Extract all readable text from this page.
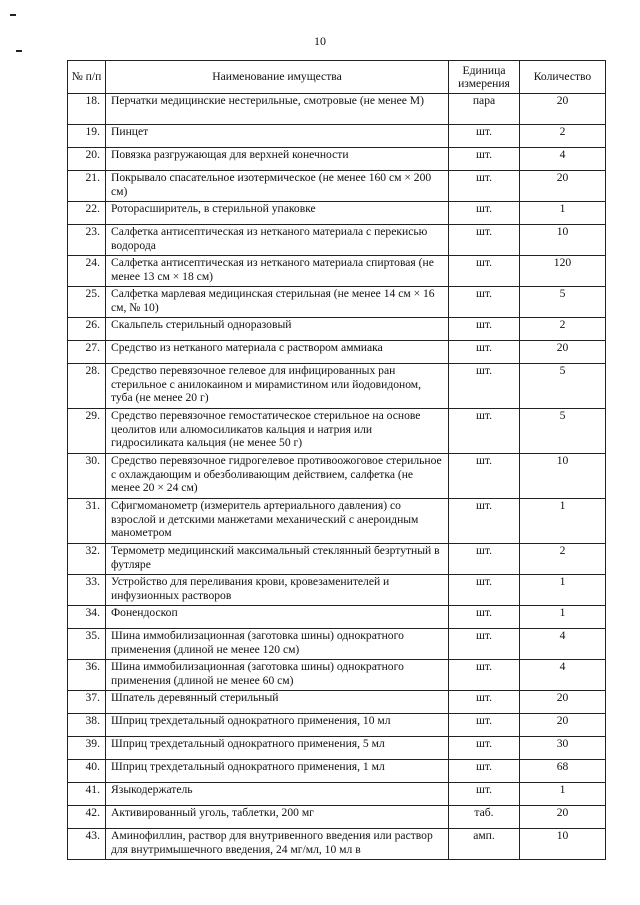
10
№ п/п	Наименование имущества	Единица измерения	Количество
18.	Перчатки медицинские нестерильные, смотровые (не менее М)	пара	20
19.	Пинцет	шт.	2
20.	Повязка разгружающая для верхней конечности	шт.	4
21.	Покрывало спасательное изотермическое (не менее 160 см × 200 см)	шт.	20
22.	Роторасширитель, в стерильной упаковке	шт.	1
23.	Салфетка антисептическая из нетканого материала с перекисью водорода	шт.	10
24.	Салфетка антисептическая из нетканого материала спиртовая (не менее 13 см × 18 см)	шт.	120
25.	Салфетка марлевая медицинская стерильная (не менее 14 см × 16 см, № 10)	шт.	5
26.	Скальпель стерильный одноразовый	шт.	2
27.	Средство из нетканого материала с раствором аммиака	шт.	20
28.	Средство перевязочное гелевое для инфицированных ран стерильное с анилокаином и мирамистином или йодовидоном, туба (не менее 20 г)	шт.	5
29.	Средство перевязочное гемостатическое стерильное на основе цеолитов или алюмосиликатов кальция и натрия или гидросиликата кальция (не менее 50 г)	шт.	5
30.	Средство перевязочное гидрогелевое противоожоговое стерильное с охлаждающим и обезболивающим действием, салфетка (не менее 20 × 24 см)	шт.	10
31.	Сфигмоманометр (измеритель артериального давления) со взрослой и детскими манжетами механический с анероидным манометром	шт.	1
32.	Термометр медицинский максимальный стеклянный безртутный в футляре	шт.	2
33.	Устройство для переливания крови, кровезаменителей и инфузионных растворов	шт.	1
34.	Фонендоскоп	шт.	1
35.	Шина иммобилизационная (заготовка шины) однократного применения (длиной не менее 120 см)	шт.	4
36.	Шина иммобилизационная (заготовка шины) однократного применения (длиной не менее 60 см)	шт.	4
37.	Шпатель деревянный стерильный	шт.	20
38.	Шприц трехдетальный однократного применения, 10 мл	шт.	20
39.	Шприц трехдетальный однократного применения, 5 мл	шт.	30
40.	Шприц трехдетальный однократного применения, 1 мл	шт.	68
41.	Языкодержатель	шт.	1
42.	Активированный уголь, таблетки, 200 мг	таб.	20
43.	Аминофиллин, раствор для внутривенного введения или раствор для внутримышечного введения, 24 мг/мл, 10 мл в	амп.	10
